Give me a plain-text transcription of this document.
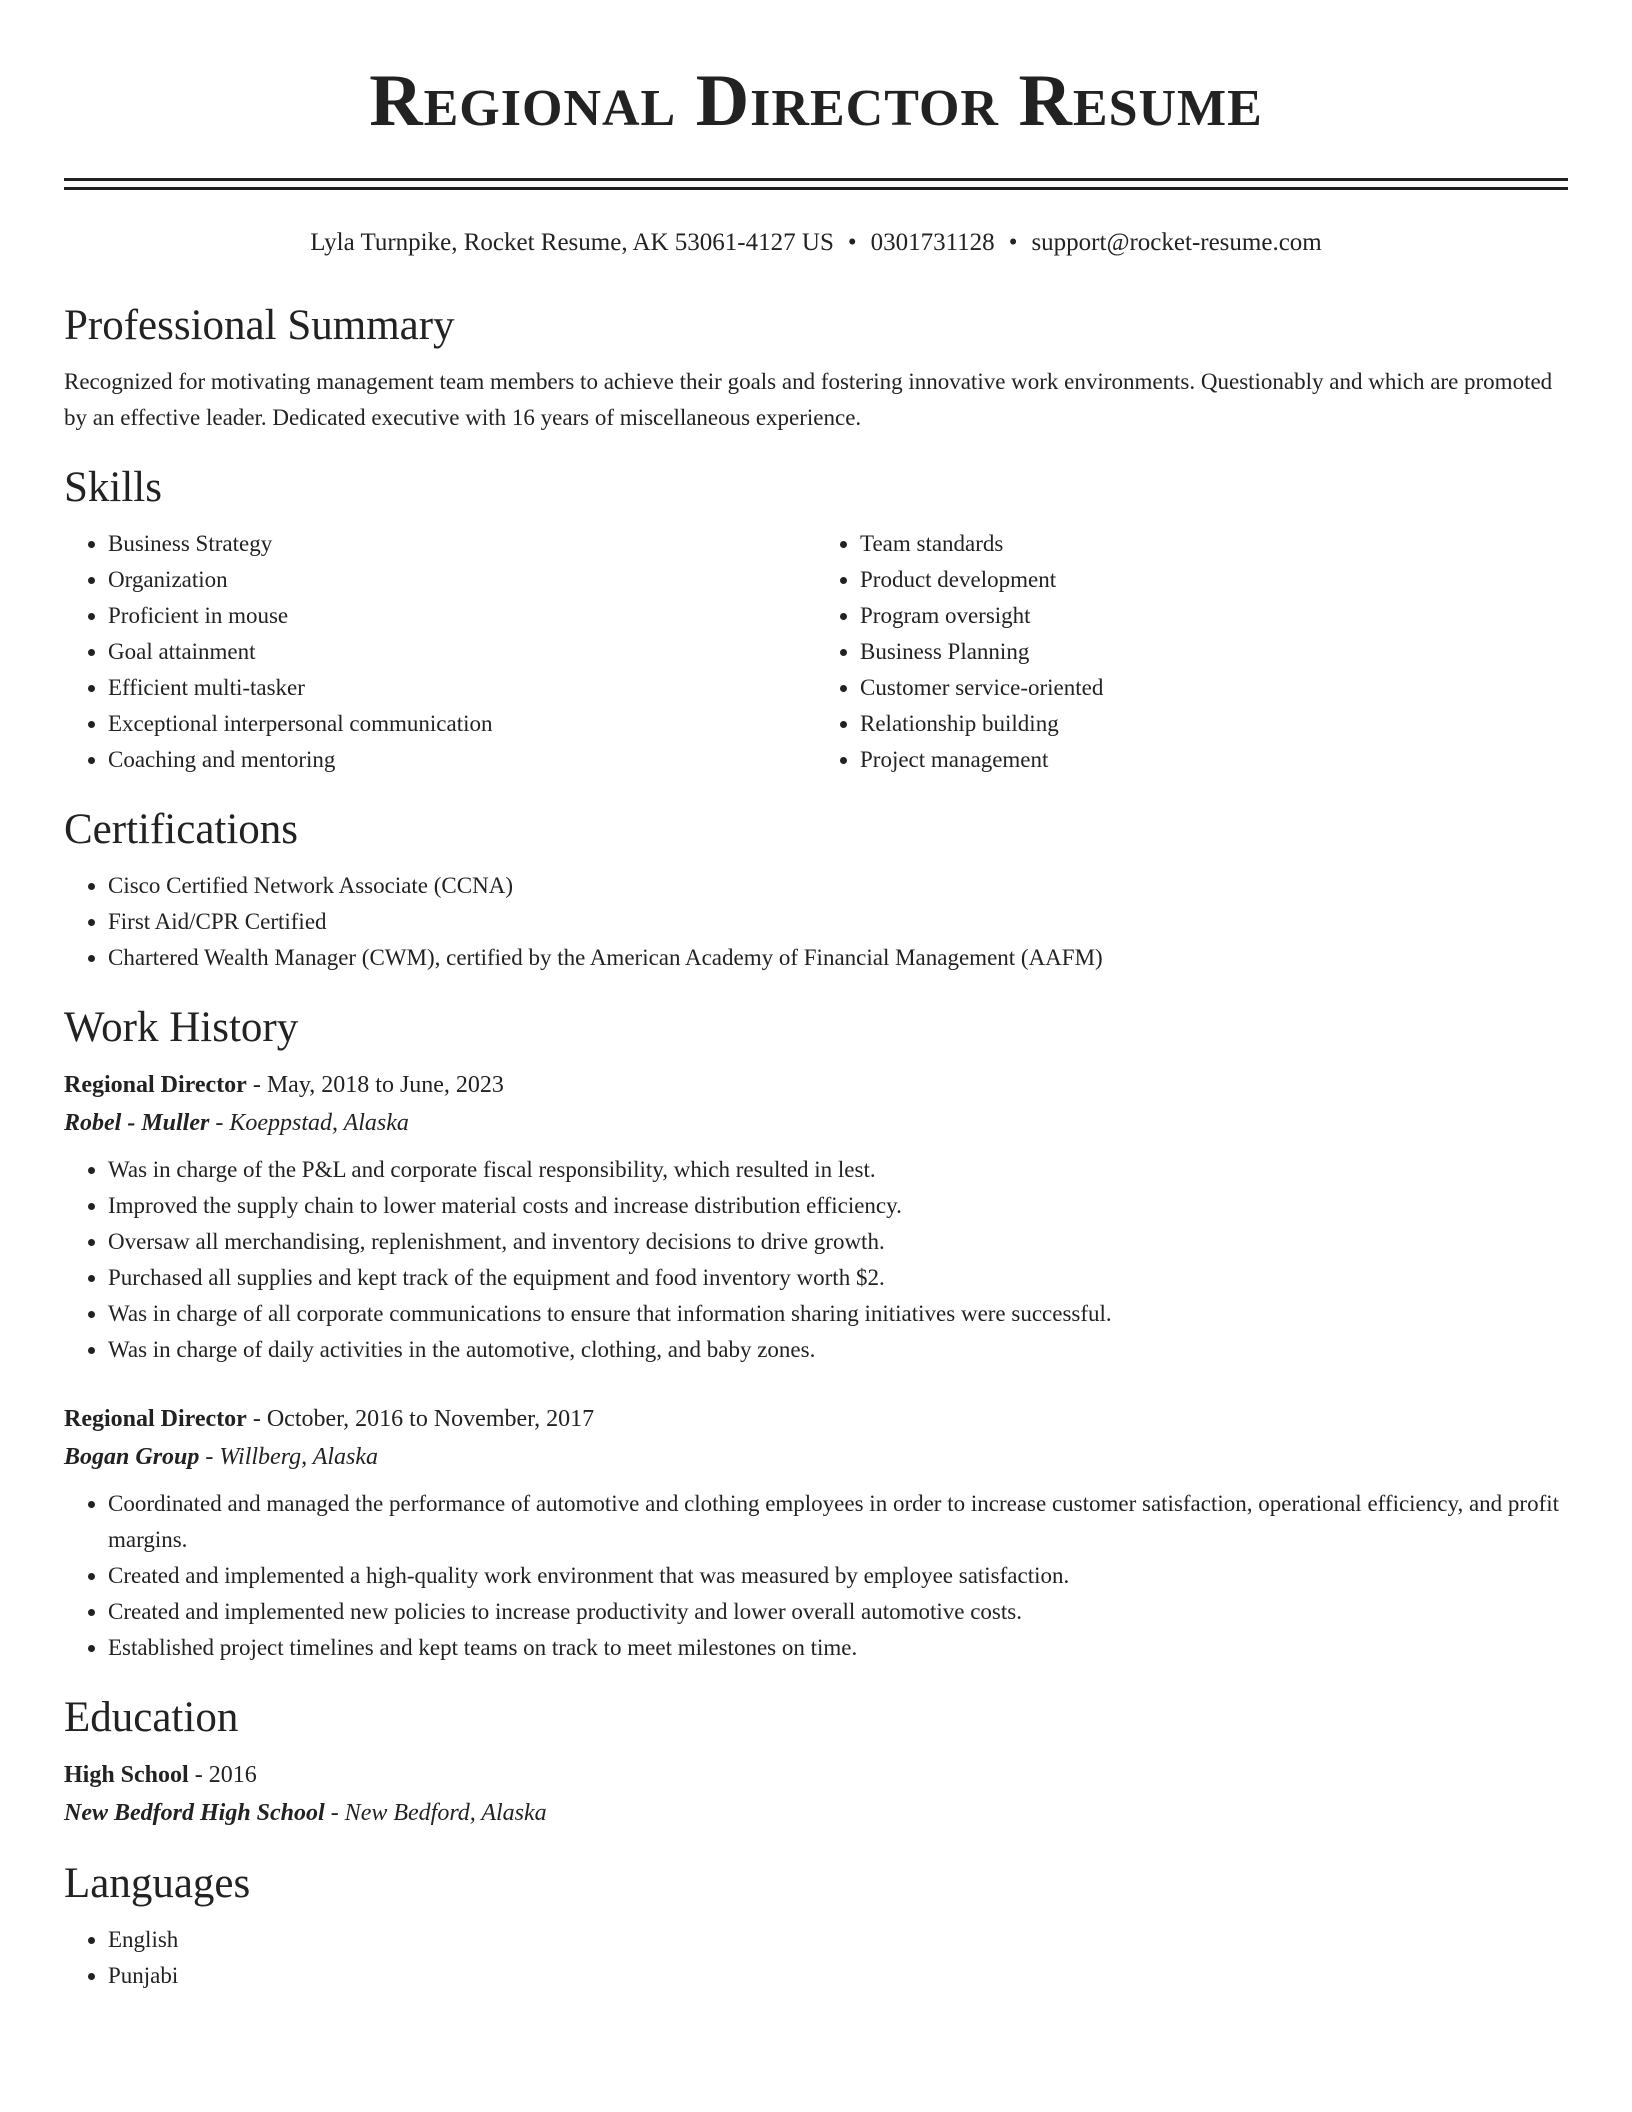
Regional Director Resume
Lyla Turnpike, Rocket Resume, AK 53061-4127 US • 0301731128 • support@rocket-resume.com
Professional Summary

Recognized for motivating management team members to achieve their goals and fostering innovative work environments. Questionably and which are promoted by an effective leader. Dedicated executive with 16 years of miscellaneous experience.

Skills
• Business Strategy
• Organization
• Proficient in mouse
• Goal attainment
• Efficient multi-tasker
• Exceptional interpersonal communication
• Coaching and mentoring
• Team standards
• Product development
• Program oversight
• Business Planning
• Customer service-oriented
• Relationship building
• Project management
Certifications
• Cisco Certified Network Associate (CCNA)
• First Aid/CPR Certified
• Chartered Wealth Manager (CWM), certified by the American Academy of Financial Management (AAFM)
Work History
Regional Director - May, 2018 to June, 2023
Robel - Muller - Koeppstad, Alaska
• Was in charge of the P&L and corporate fiscal responsibility, which resulted in lest.
• Improved the supply chain to lower material costs and increase distribution efficiency.
• Oversaw all merchandising, replenishment, and inventory decisions to drive growth.
• Purchased all supplies and kept track of the equipment and food inventory worth $2.
• Was in charge of all corporate communications to ensure that information sharing initiatives were successful.
• Was in charge of daily activities in the automotive, clothing, and baby zones.
Regional Director - October, 2016 to November, 2017
Bogan Group - Willberg, Alaska
• Coordinated and managed the performance of automotive and clothing employees in order to increase customer satisfaction, operational efficiency, and profit margins.
• Created and implemented a high-quality work environment that was measured by employee satisfaction.
• Created and implemented new policies to increase productivity and lower overall automotive costs.
• Established project timelines and kept teams on track to meet milestones on time.
Education
High School - 2016
New Bedford High School - New Bedford, Alaska
Languages
• English
• Punjabi
